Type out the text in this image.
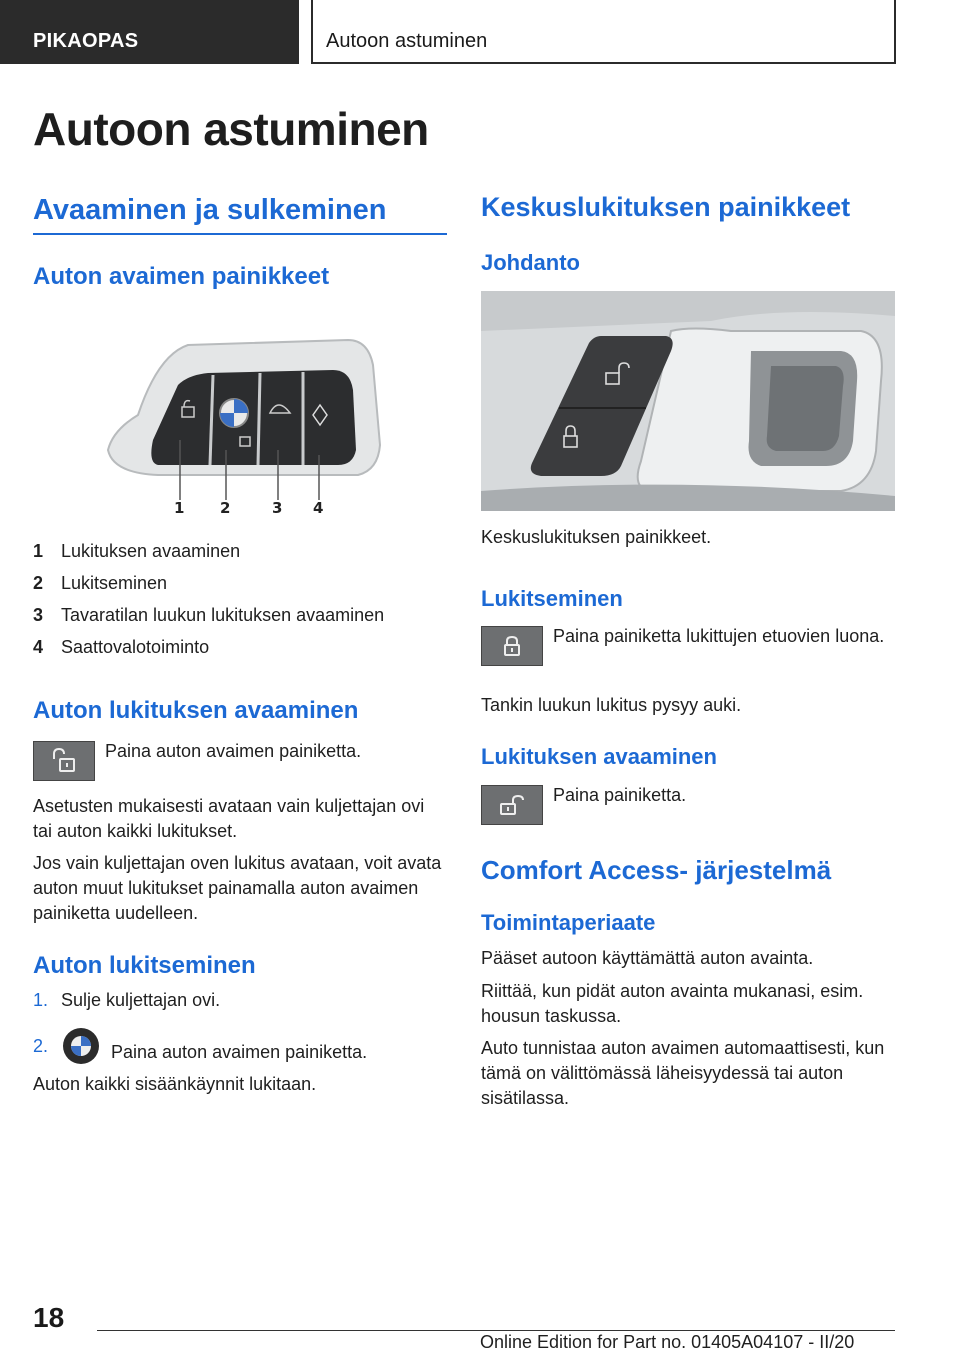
PIKAOPAS	Autoon astuminen
Autoon astuminen
Avaaminen ja sulkeminen
Auton avaimen painikkeet
1 2	3 4
1 Lukituksen avaaminen
2 Lukitseminen
3 Tavaratilan luukun lukituksen avaaminen
4 Saattovalotoiminto
Auton lukituksen avaaminen

Paina auton avaimen painiketta.

Asetusten mukaisesti avataan vain kuljettajan ovi tai auton kaikki lukitukset.

Jos vain kuljettajan oven lukitus avataan, voit avata auton muut lukitukset painamalla auton avaimen painiketta uudelleen.

Auton lukitseminen
1. Sulje kuljettajan ovi.
2.	Paina auton avaimen painiketta.

Auton kaikki sisäänkäynnit lukitaan.

Keskuslukituksen painikkeet
Johdanto

Keskuslukituksen painikkeet.

Lukitseminen

Paina painiketta lukittujen etuovien luona.

Tankin luukun lukitus pysyy auki.

Lukituksen avaaminen

Paina painiketta.

Comfort Access- järjestelmä
Toimintaperiaate

Pääset autoon käyttämättä auton avainta.

Riittää, kun pidät auton avainta mukanasi, esim. housun taskussa.

Auto tunnistaa auton avaimen automaattisesti, kun tämä on välittömässä läheisyydessä tai auton sisätilassa.

18
Online Edition for Part no. 01405A04107 - II/20
